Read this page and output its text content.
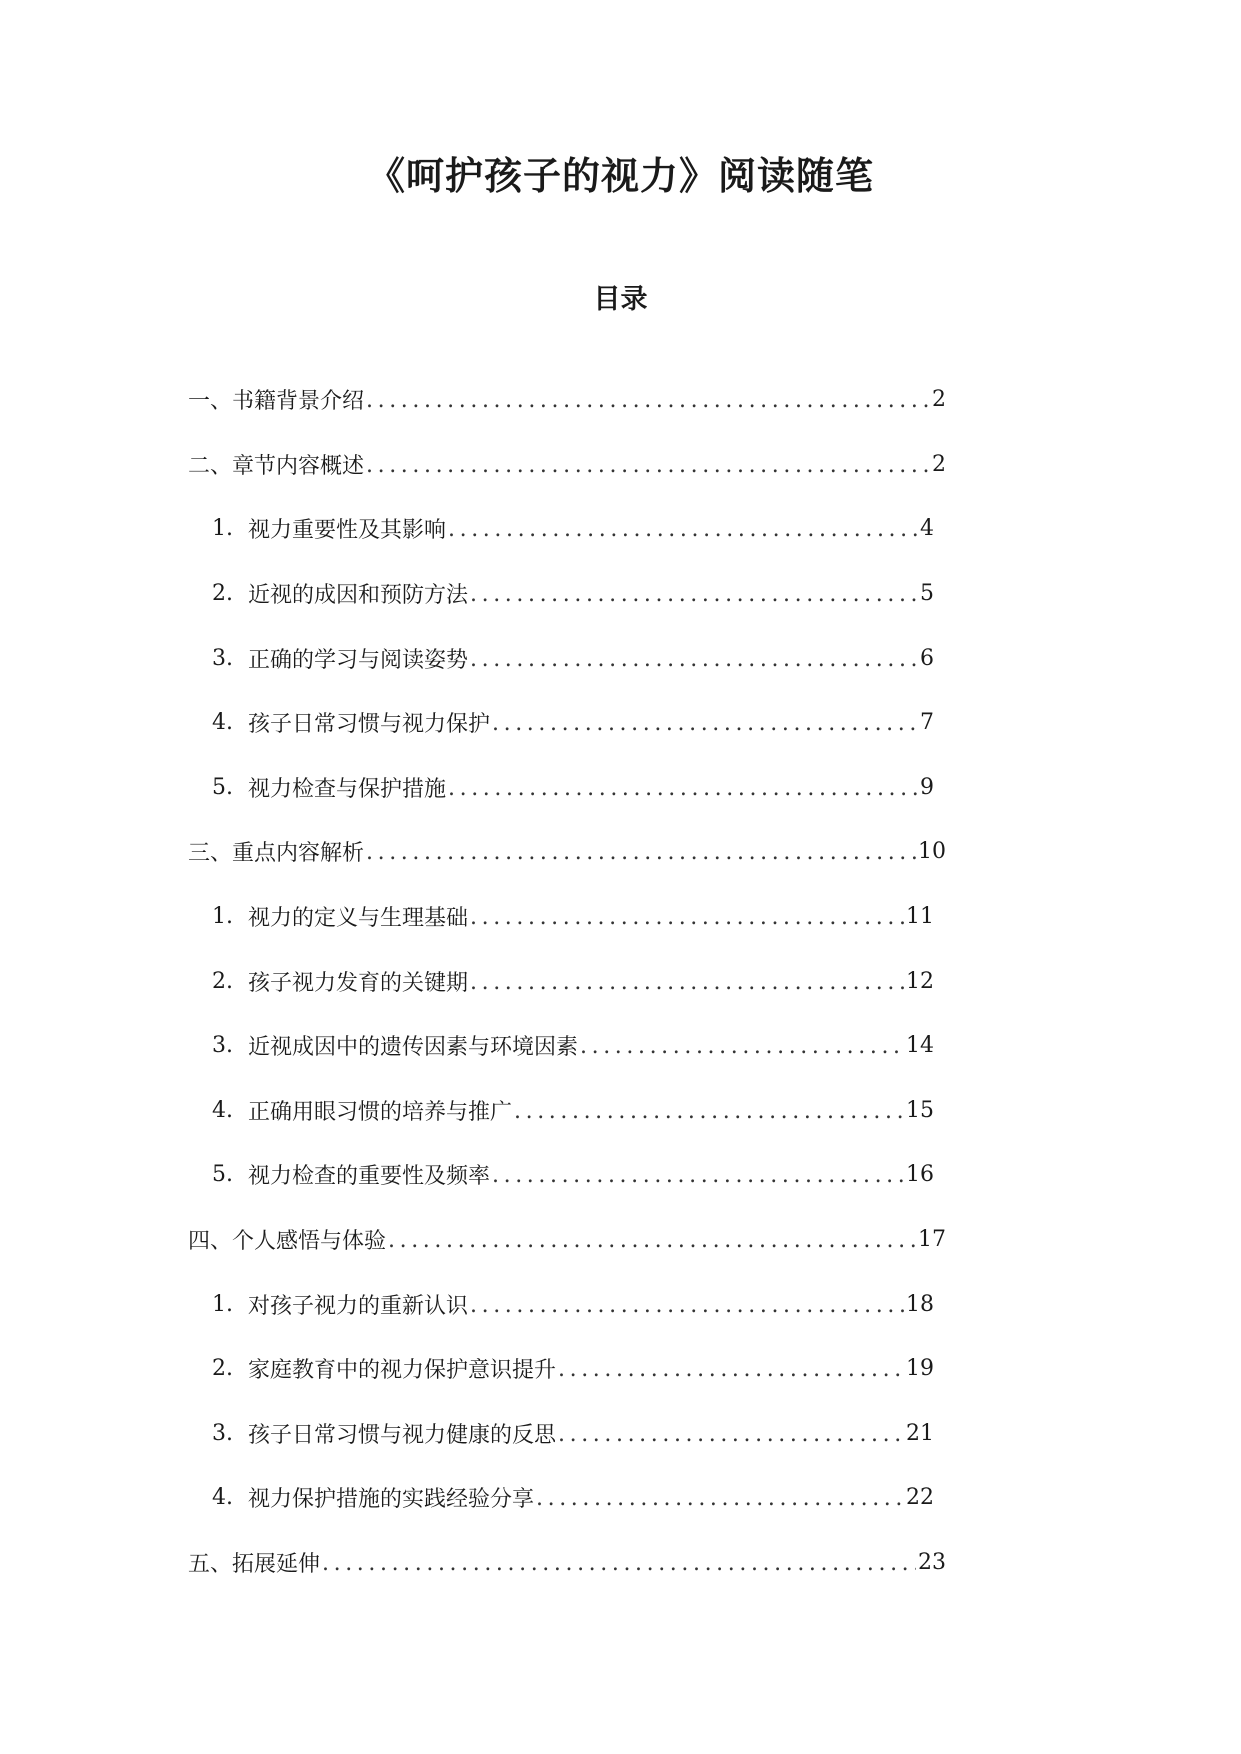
《呵护孩子的视力》阅读随笔
目录
一、书籍背景介绍 .....	2
二、章节内容概述 .....	2
1. 视力重要性及其影响 .....	4
2. 近视的成因和预防方法 .....	5
3. 正确的学习与阅读姿势 .....	6
4. 孩子日常习惯与视力保护 .....	7
5. 视力检查与保护措施 .....	9
三、重点内容解析 .....	10
1. 视力的定义与生理基础 .....	11
2. 孩子视力发育的关键期 .....	12
3. 近视成因中的遗传因素与环境因素 .....	14
4. 正确用眼习惯的培养与推广 .....	15
5. 视力检查的重要性及频率 .....	16
四、个人感悟与体验 .....	17
1. 对孩子视力的重新认识 .....	18
2. 家庭教育中的视力保护意识提升 .....	19
3. 孩子日常习惯与视力健康的反思 .....	21
4. 视力保护措施的实践经验分享 .....	22
五、拓展延伸 .....	23
